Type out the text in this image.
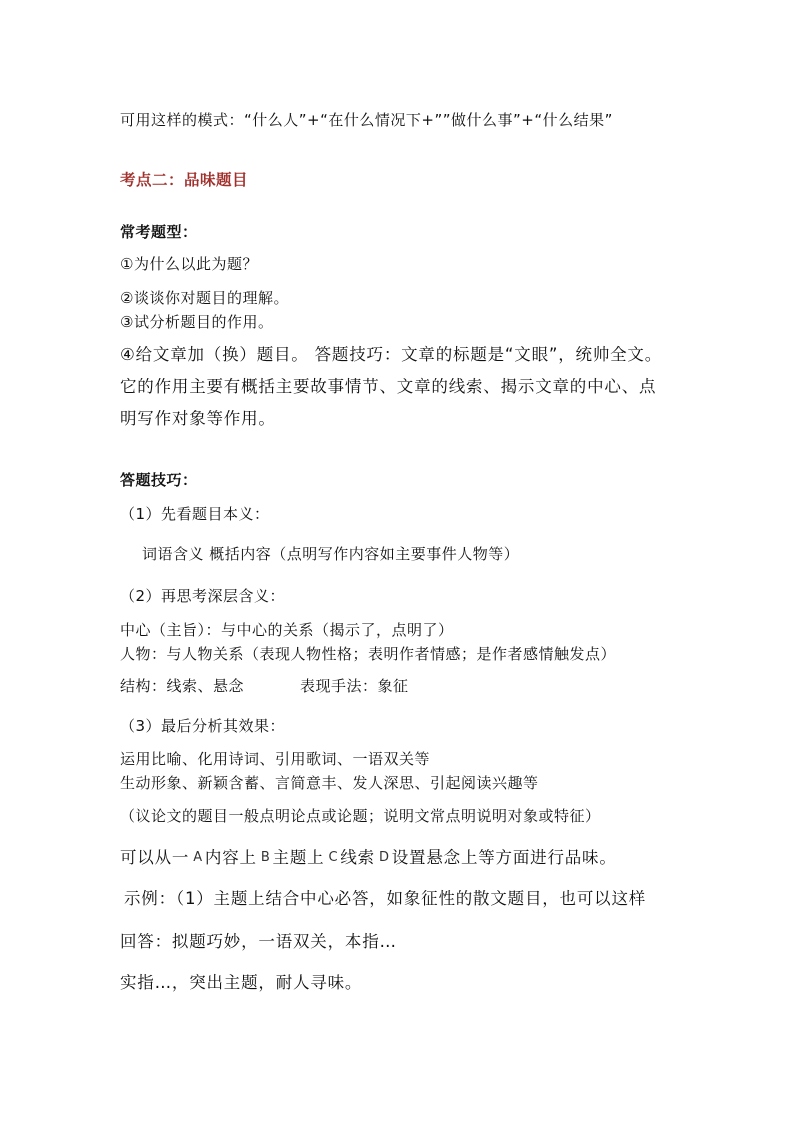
可用这样的模式：“什么人”+“在什么情况下+””做什么事”+“什么结果”
考点二：品味题目
常考题型：
①为什么以此为题？
②谈谈你对题目的理解。
③试分析题目的作用。
④给文章加（换）题目。 答题技巧：文章的标题是“文眼”，统帅全文。
它的作用主要有概括主要故事情节、文章的线索、揭示文章的中心、点
明写作对象等作用。
答题技巧：
（1）先看题目本义：
词语含义 概括内容（点明写作内容如主要事件人物等）
（2）再思考深层含义：
中心（主旨）：与中心的关系（揭示了，点明了）
人物：与人物关系（表现人物性格；表明作者情感；是作者感情触发点）
结构：线索、悬念	表现手法：象征
（3）最后分析其效果：
运用比喻、化用诗词、引用歌词、一语双关等
生动形象、新颖含蓄、言简意丰、发人深思、引起阅读兴趣等
（议论文的题目一般点明论点或论题；说明文常点明说明对象或特征）
可以从一 A 内容上 B 主题上 C 线索 D 设置悬念上等方面进行品味。
示例：（1）主题上结合中心必答，如象征性的散文题目，也可以这样
回答：拟题巧妙，一语双关，本指…
实指…，突出主题，耐人寻味。
